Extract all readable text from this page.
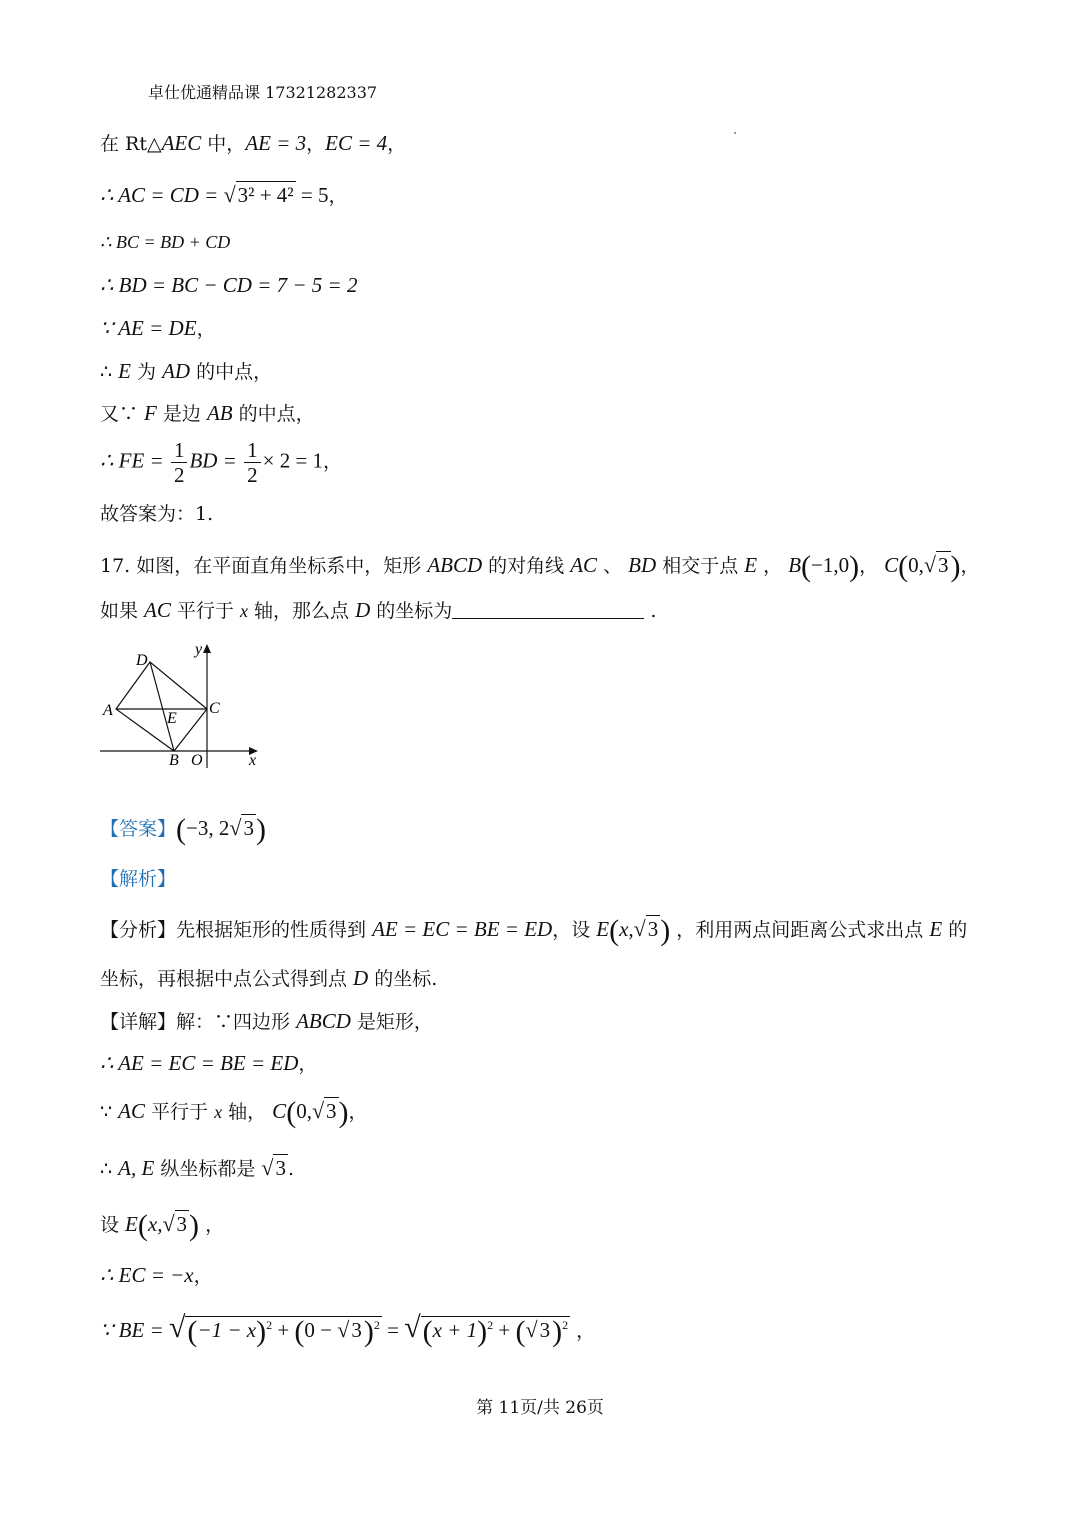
卓仕优通精品课 17321282337
在 Rt△AEC 中，AE = 3，EC = 4，
∴ AC = CD = √3² + 4² = 5，
∴ BC = BD + CD
∴ BD = BC − CD = 7 − 5 = 2
∵ AE = DE，
∴ E 为 AD 的中点，
又∵ F 是边 AB 的中点，
∴ FE = $\frac{1}{2}$ BD = $\frac{1}{2} \times 2 = 1$，
故答案为：1.
17. 如图，在平面直角坐标系中，矩形 ABCD 的对角线 AC 、 BD 相交于点 E ， B(−1,0)， C(0,√3)，
如果 AC 平行于 x 轴，那么点 D 的坐标为	.
D
A	E
C
B O	x
y
【答案】(−3, 2√3)
【解析】
【分析】先根据矩形的性质得到 AE = EC = BE = ED，设 E(x,√3) ，利用两点间距离公式求出点 E 的
坐标，再根据中点公式得到点 D 的坐标.
【详解】解：∵四边形 ABCD 是矩形，
∴ AE = EC = BE = ED，
∵ AC 平行于 x 轴， C(0,√3)，
∴ A, E 纵坐标都是 √3 .
设 E(x,√3) ，
∴ EC = −x，
∵ BE = $√(-1 - x)^2 + (0 - √3)^2 = √(x + 1)^2 + (√3)^2$ ，
第 11页/共 26页
